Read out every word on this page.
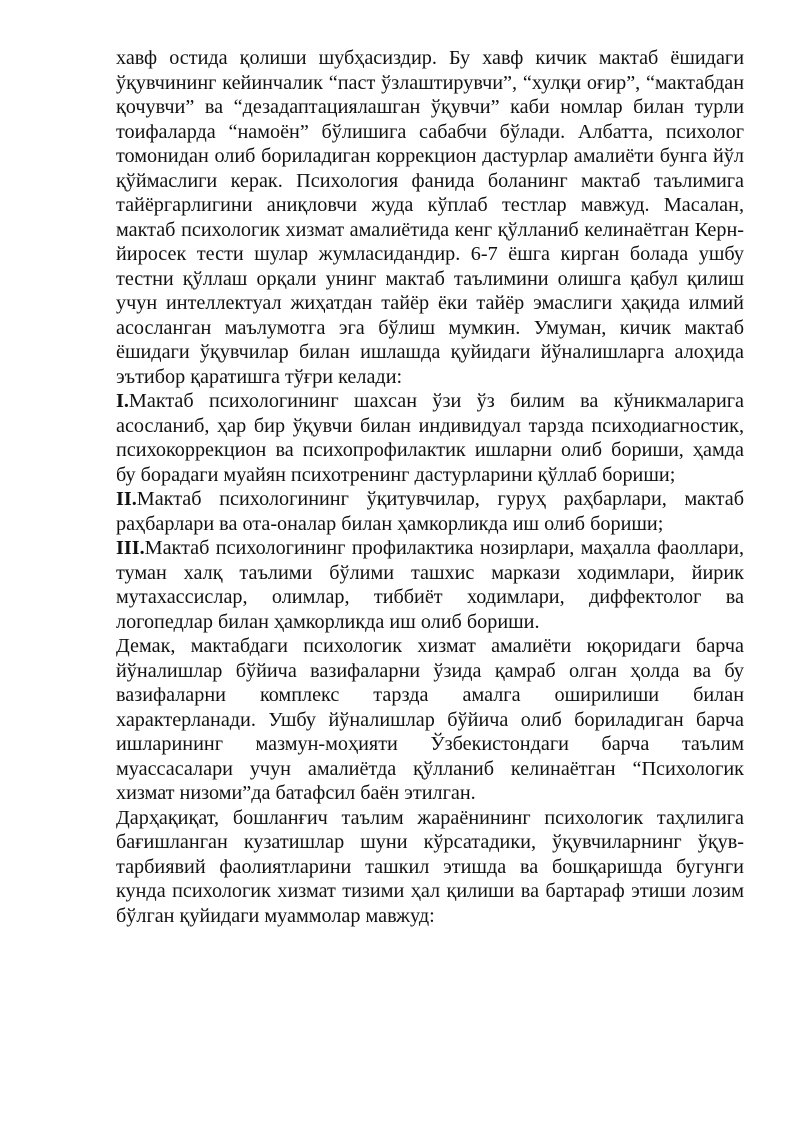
хавф остида қолиши шубҳасиздир. Бу хавф кичик мактаб ёшидаги ўқувчининг кейинчалик “паст ўзлаштирувчи”, “хулқи оғир”, “мактабдан қочувчи” ва “дезадаптациялашган ўқувчи” каби номлар билан турли тоифаларда “намоён” бўлишига сабабчи бўлади. Албатта, психолог томонидан олиб бориладиган коррекцион дастурлар амалиёти бунга йўл қўймаслиги керак. Психология фанида боланинг мактаб таълимига тайёргарлигини аниқловчи жуда кўплаб тестлар мавжуд. Масалан, мактаб психологик хизмат амалиётида кенг қўлланиб келинаётган Керн-йиросек тести шулар жумласидандир. 6-7 ёшга кирган болада ушбу тестни қўллаш орқали унинг мактаб таълимини олишга қабул қилиш учун интеллектуал жиҳатдан тайёр ёки тайёр эмаслиги ҳақида илмий асосланган маълумотга эга бўлиш мумкин. Умуман, кичик мактаб ёшидаги ўқувчилар билан ишлашда қуйидаги йўналишларга алоҳида эътибор қаратишга тўғри келади:

I.Мактаб психологининг шахсан ўзи ўз билим ва кўникмаларига асосланиб, ҳар бир ўқувчи билан индивидуал тарзда психодиагностик, психокоррекцион ва психопрофилактик ишларни олиб бориши, ҳамда бу борадаги муайян психотренинг дастурларини қўллаб бориши;

II.Мактаб психологининг ўқитувчилар, гуруҳ раҳбарлари, мактаб раҳбарлари ва ота-оналар билан ҳамкорликда иш олиб бориши;

III.Мактаб психологининг профилактика нозирлари, маҳалла фаоллари, туман халқ таълими бўлими ташхис маркази ходимлари, йирик мутахассислар, олимлар, тиббиёт ходимлари, диффектолог ва логопедлар билан ҳамкорликда иш олиб бориши.

Демак, мактабдаги психологик хизмат амалиёти юқоридаги барча йўналишлар бўйича вазифаларни ўзида қамраб олган ҳолда ва бу вазифаларни комплекс тарзда амалга оширилиши билан характерланади. Ушбу йўналишлар бўйича олиб бориладиган барча ишларининг мазмун-моҳияти Ўзбекистондаги барча таълим муассасалари учун амалиётда қўлланиб келинаётган “Психологик хизмат низоми”да батафсил баён этилган.

Дарҳақиқат, бошланғич таълим жараёнининг психологик таҳлилига бағишланган кузатишлар шуни кўрсатадики, ўқувчиларнинг ўқув-тарбиявий фаолиятларини ташкил этишда ва бошқаришда бугунги кунда психологик хизмат тизими ҳал қилиши ва бартараф этиши лозим бўлган қуйидаги муаммолар мавжуд:
